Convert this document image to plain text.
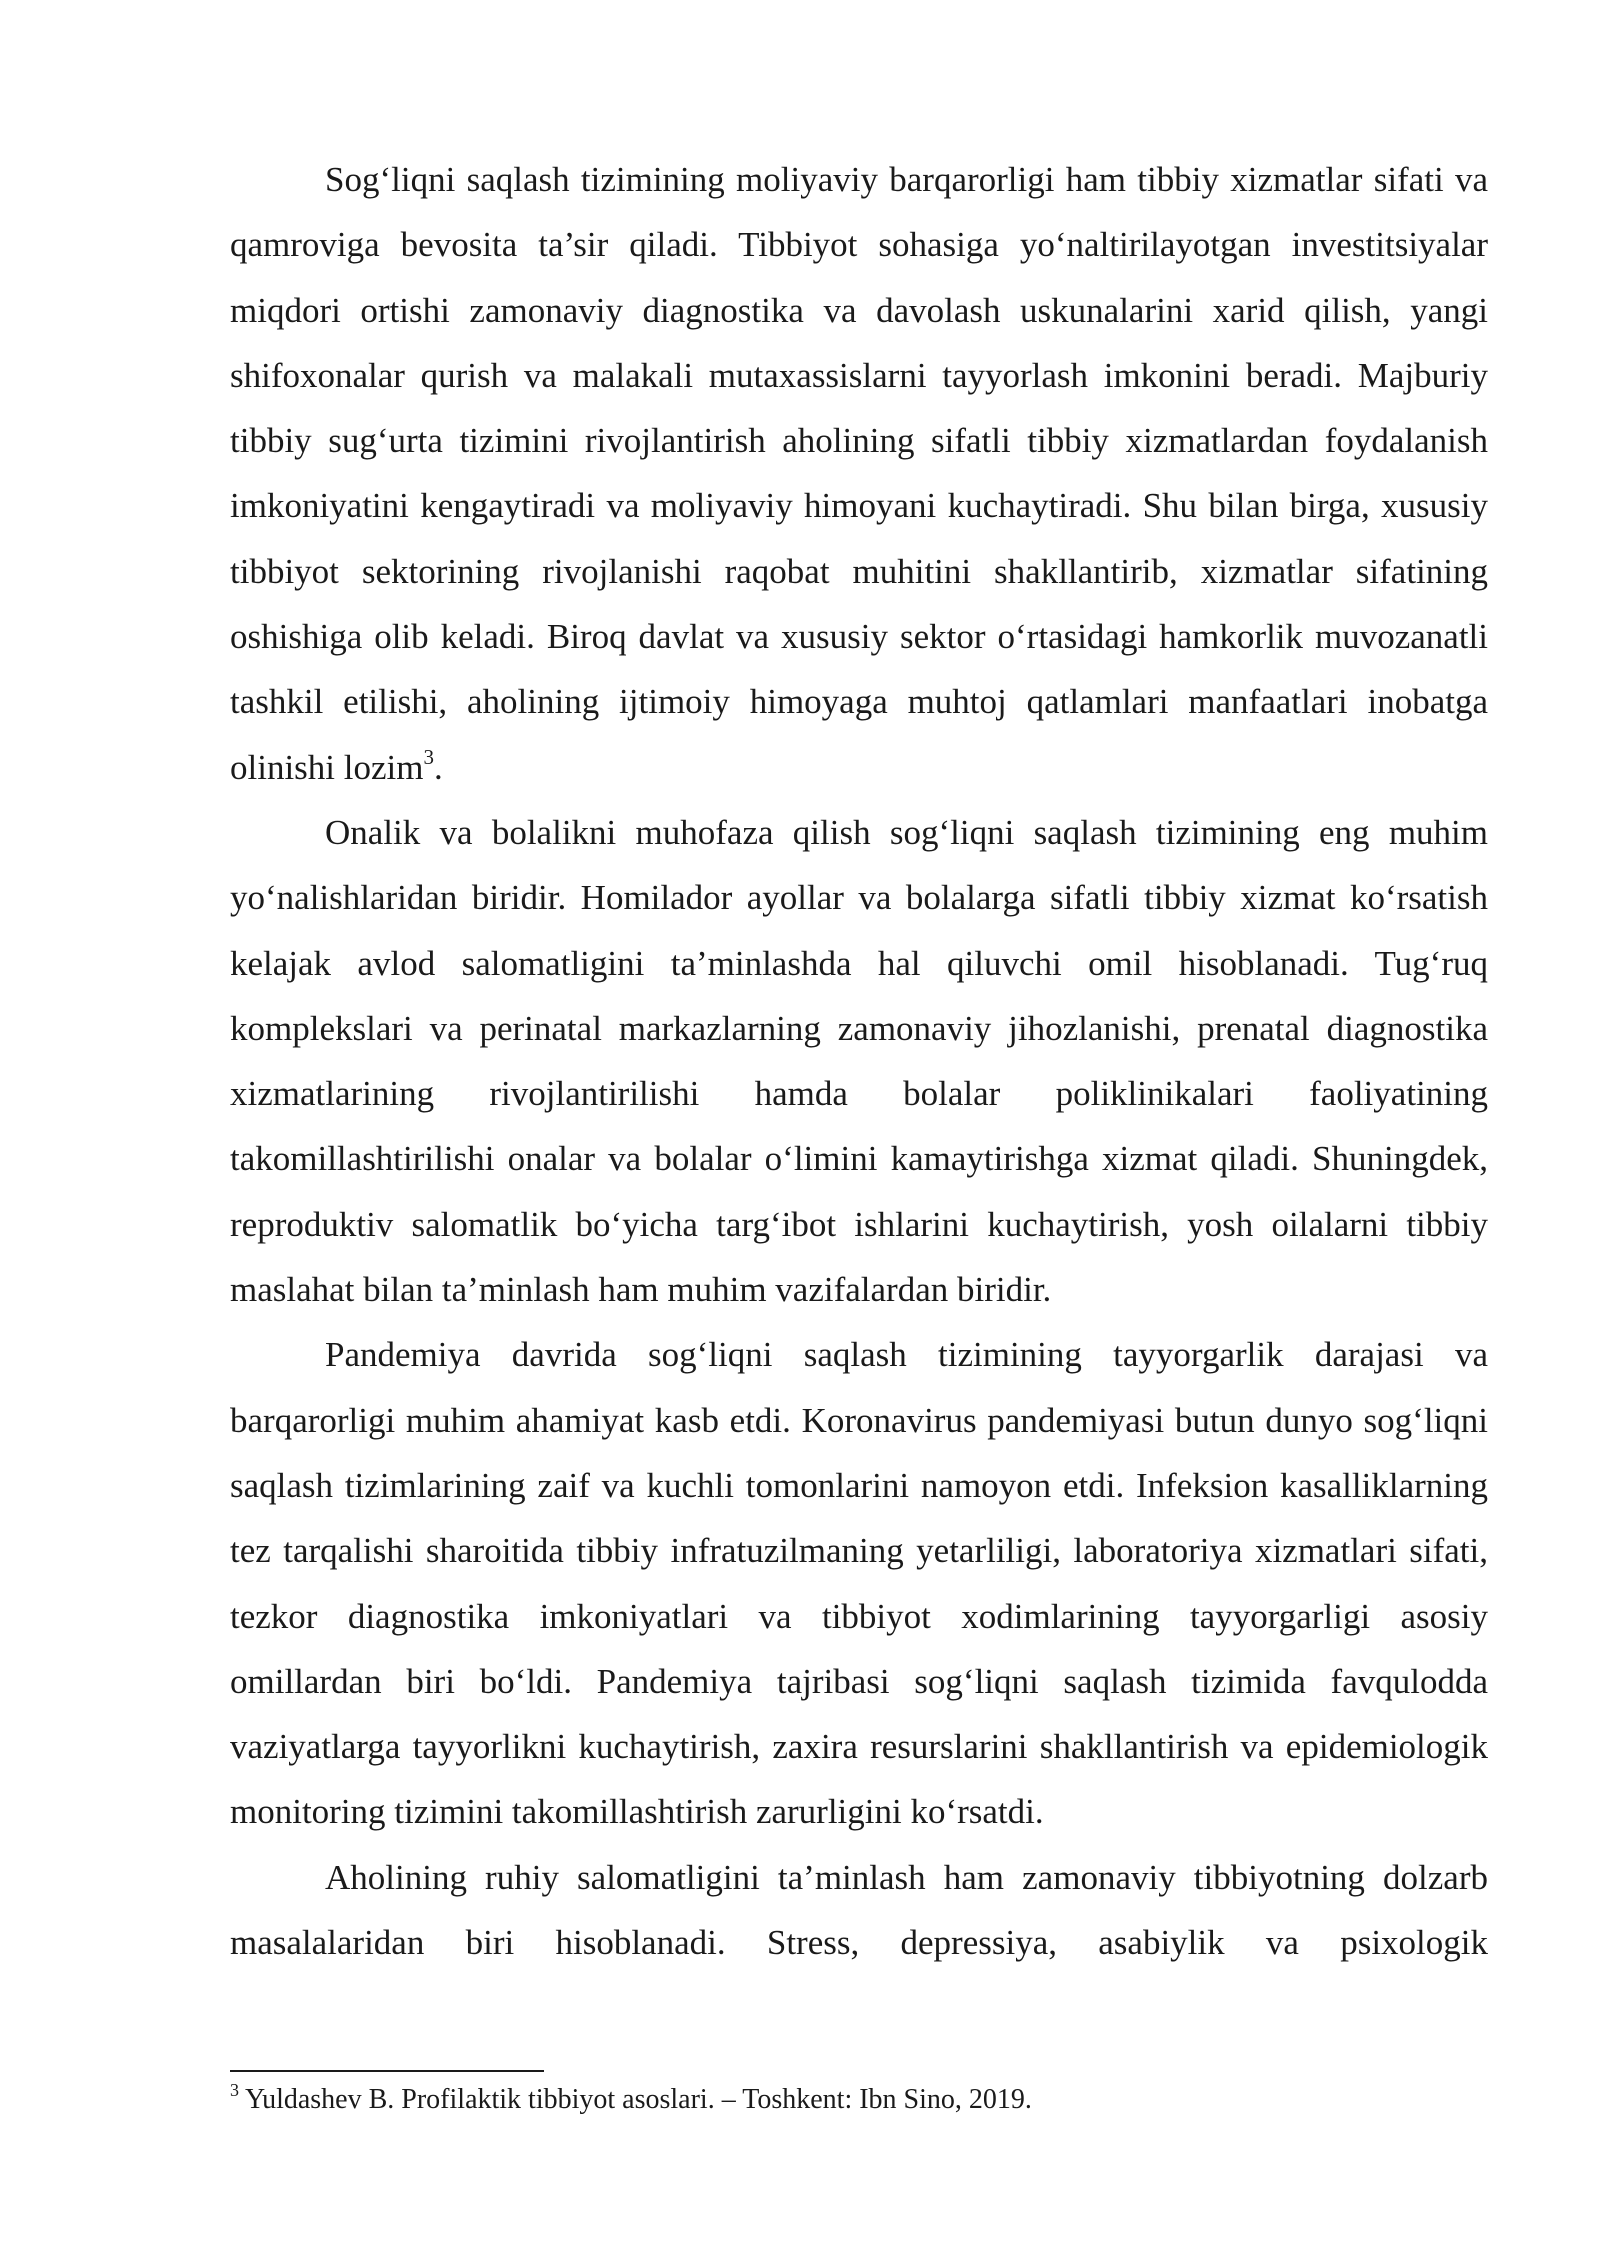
Sog‘liqni saqlash tizimining moliyaviy barqarorligi ham tibbiy xizmatlar sifati va qamroviga bevosita ta’sir qiladi. Tibbiyot sohasiga yo‘naltirilayotgan investitsiyalar miqdori ortishi zamonaviy diagnostika va davolash uskunalarini xarid qilish, yangi shifoxonalar qurish va malakali mutaxassislarni tayyorlash imkonini beradi. Majburiy tibbiy sug‘urta tizimini rivojlantirish aholining sifatli tibbiy xizmatlardan foydalanish imkoniyatini kengaytiradi va moliyaviy himoyani kuchaytiradi. Shu bilan birga, xususiy tibbiyot sektorining rivojlanishi raqobat muhitini shakllantirib, xizmatlar sifatining oshishiga olib keladi. Biroq davlat va xususiy sektor o‘rtasidagi hamkorlik muvozanatli tashkil etilishi, aholining ijtimoiy himoyaga muhtoj qatlamlari manfaatlari inobatga olinishi lozim$^3$.

Onalik va bolalikni muhofaza qilish sog‘liqni saqlash tizimining eng muhim yo‘nalishlaridan biridir. Homilador ayollar va bolalarga sifatli tibbiy xizmat ko‘rsatish kelajak avlod salomatligini ta’minlashda hal qiluvchi omil hisoblanadi. Tug‘ruq komplekslari va perinatal markazlarning zamonaviy jihozlanishi, prenatal diagnostika xizmatlarining rivojlantirilishi hamda bolalar poliklinikalari faoliyatining takomillashtirilishi onalar va bolalar o‘limini kamaytirishga xizmat qiladi. Shuningdek, reproduktiv salomatlik bo‘yicha targ‘ibot ishlarini kuchaytirish, yosh oilalarni tibbiy maslahat bilan ta’minlash ham muhim vazifalardan biridir.

Pandemiya davrida sog‘liqni saqlash tizimining tayyorgarlik darajasi va barqarorligi muhim ahamiyat kasb etdi. Koronavirus pandemiyasi butun dunyo sog‘liqni saqlash tizimlarining zaif va kuchli tomonlarini namoyon etdi. Infeksion kasalliklarning tez tarqalishi sharoitida tibbiy infratuzilmaning yetarliligi, laboratoriya xizmatlari sifati, tezkor diagnostika imkoniyatlari va tibbiyot xodimlarining tayyorgarligi asosiy omillardan biri bo‘ldi. Pandemiya tajribasi sog‘liqni saqlash tizimida favqulodda vaziyatlarga tayyorlikni kuchaytirish, zaxira resurslarini shakllantirish va epidemiologik monitoring tizimini takomillashtirish zarurligini ko‘rsatdi.

Aholining ruhiy salomatligini ta’minlash ham zamonaviy tibbiyotning dolzarb masalalaridan biri hisoblanadi. Stress, depressiya, asabiylik va psixologik

$^3$ Yuldashev B. Profilaktik tibbiyot asoslari. – Toshkent: Ibn Sino, 2019.
